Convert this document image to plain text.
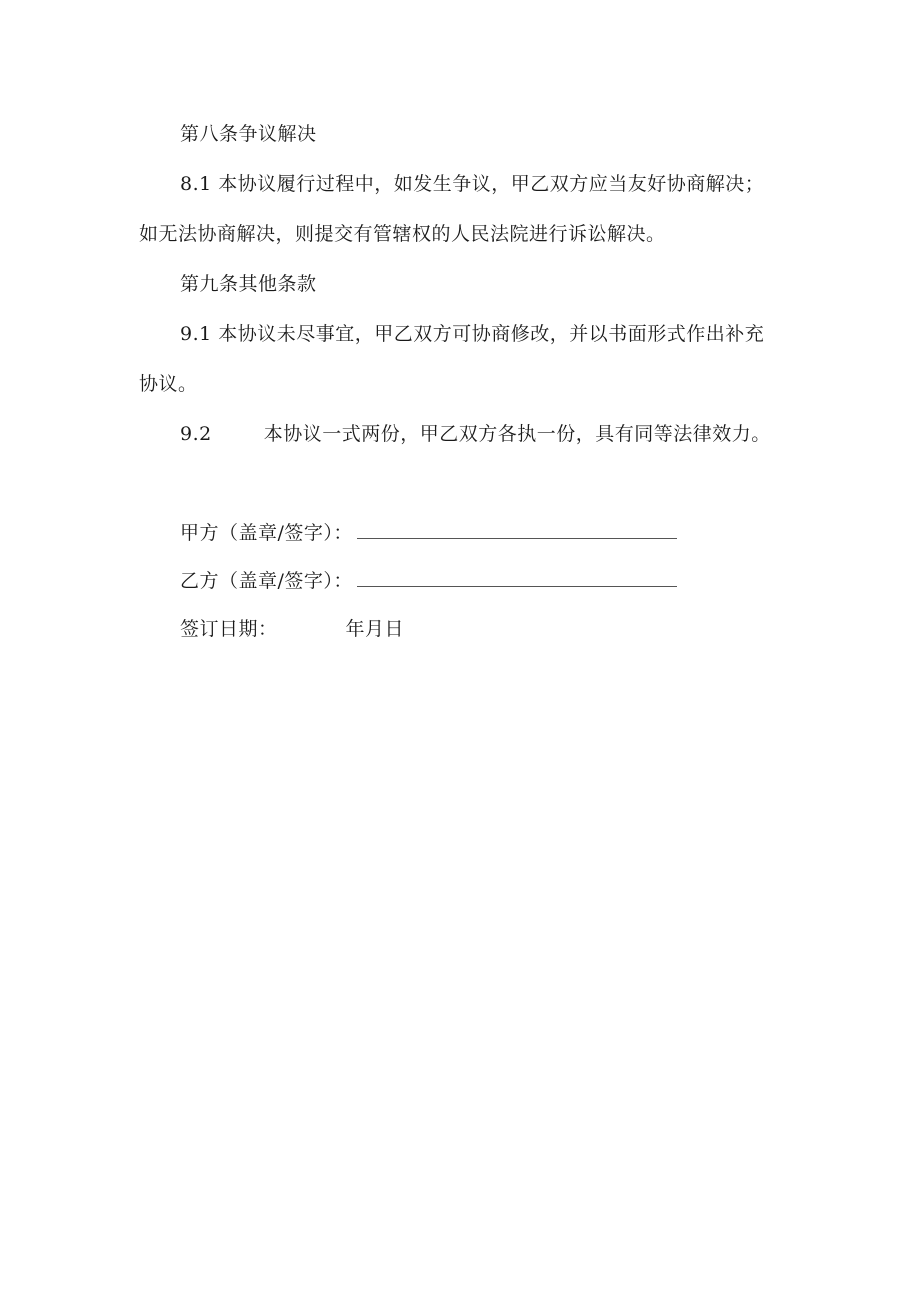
第八条争议解决
8.1 本协议履行过程中，如发生争议，甲乙双方应当友好协商解决；
如无法协商解决，则提交有管辖权的人民法院进行诉讼解决。
第九条其他条款
9.1 本协议未尽事宜，甲乙双方可协商修改，并以书面形式作出补充
协议。
9.2	本协议一式两份，甲乙双方各执一份，具有同等法律效力。
甲方（盖章/签字）：
乙方（盖章/签字）：
签订日期：	年月日
